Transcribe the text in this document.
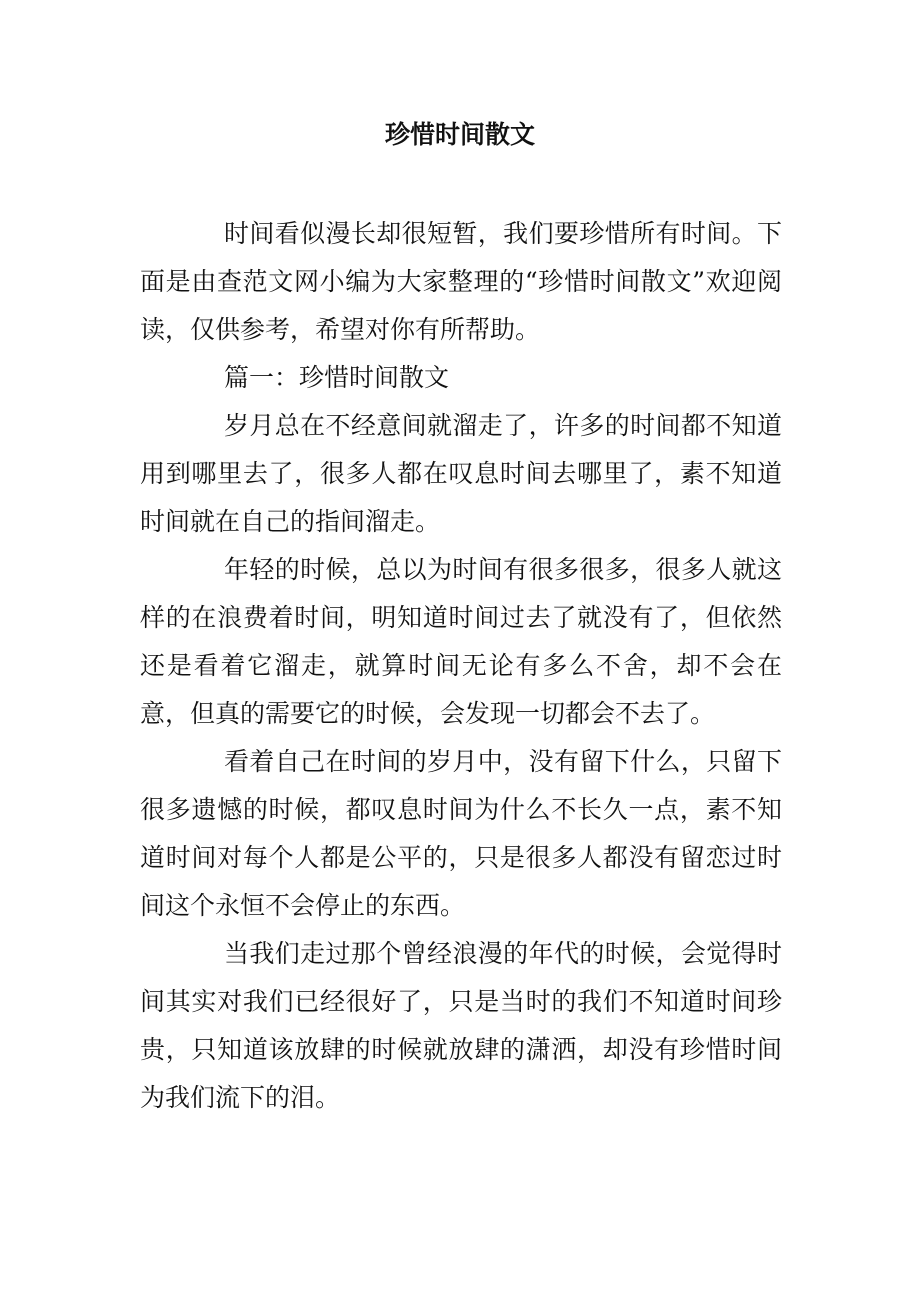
珍惜时间散文

时间看似漫长却很短暂，我们要珍惜所有时间。下面是由查范文网小编为大家整理的“珍惜时间散文”欢迎阅读，仅供参考，希望对你有所帮助。

篇一：珍惜时间散文

岁月总在不经意间就溜走了，许多的时间都不知道用到哪里去了，很多人都在叹息时间去哪里了，素不知道时间就在自己的指间溜走。

年轻的时候，总以为时间有很多很多，很多人就这样的在浪费着时间，明知道时间过去了就没有了，但依然还是看着它溜走，就算时间无论有多么不舍，却不会在意，但真的需要它的时候，会发现一切都会不去了。

看着自己在时间的岁月中，没有留下什么，只留下很多遗憾的时候，都叹息时间为什么不长久一点，素不知道时间对每个人都是公平的，只是很多人都没有留恋过时间这个永恒不会停止的东西。

当我们走过那个曾经浪漫的年代的时候，会觉得时间其实对我们已经很好了，只是当时的我们不知道时间珍贵，只知道该放肆的时候就放肆的潇洒，却没有珍惜时间为我们流下的泪。
